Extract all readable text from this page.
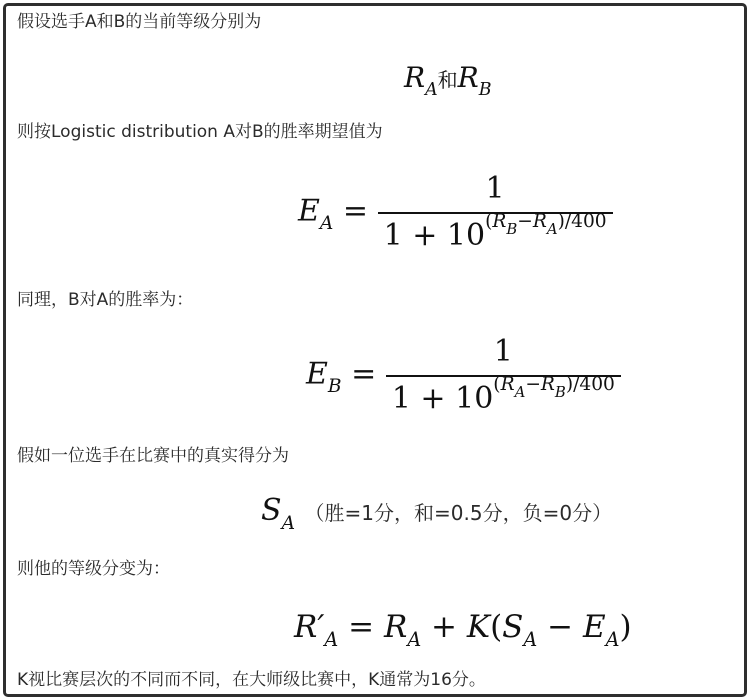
假设选手A和B的当前等级分别为
$R_A$和$R_B$
则按Logistic distribution A对B的胜率期望值为
$E_A = \frac{1}{1 + 10^{(R_B-R_A)/400}}$
同理，B对A的胜率为：
$E_B = \frac{1}{1 + 10^{(R_A-R_B)/400}}$
假如一位选手在比赛中的真实得分为
$S_A$ （胜=1分，和=0.5分，负=0分）
则他的等级分变为：
$R'_A = R_A + K(S_A - E_A)$
K视比赛层次的不同而不同，在大师级比赛中，K通常为16分。
